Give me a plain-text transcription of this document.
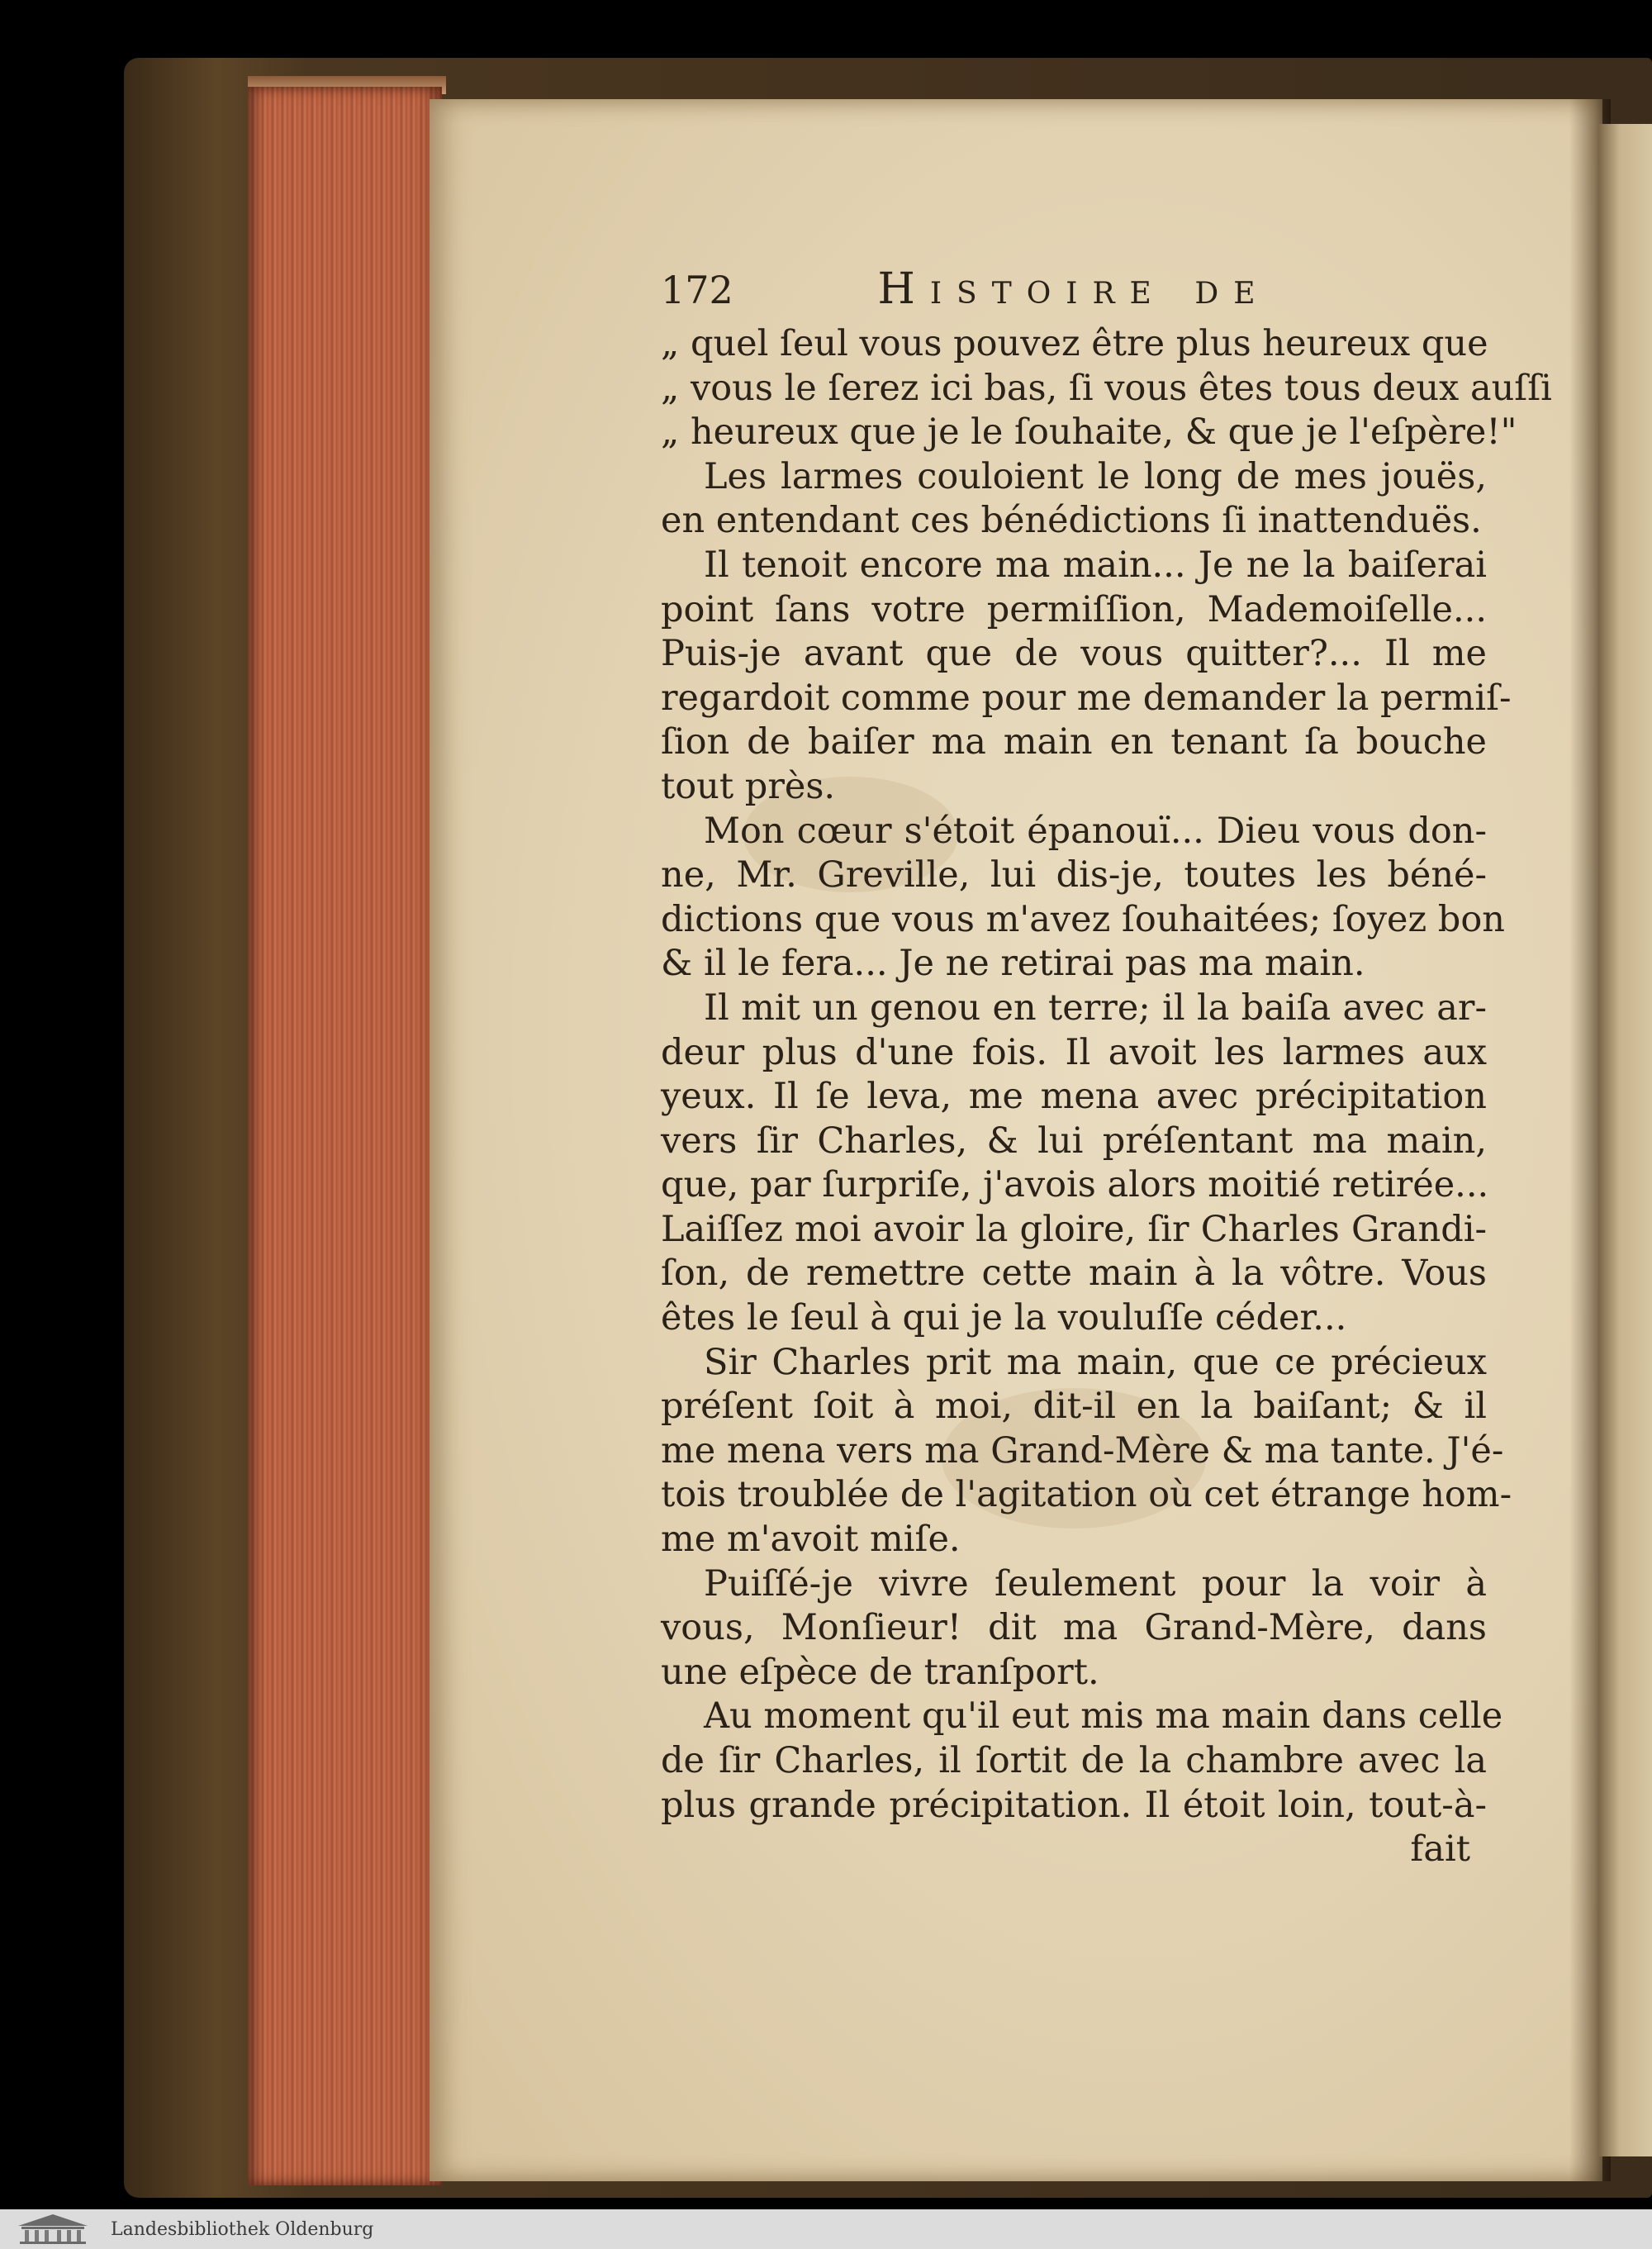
172	Histoire de
„ quel ſeul vous pouvez être plus heureux que
„ vous le ſerez ici bas, ſi vous êtes tous deux auſſi
„ heureux que je le ſouhaite, & que je l'eſpère!"
Les larmes couloient le long de mes jouës,
en entendant ces bénédictions ſi inattenduës.
Il tenoit encore ma main... Je ne la baiſerai
point ſans votre permiſſion, Mademoiſelle...
Puis-je avant que de vous quitter?... Il me
regardoit comme pour me demander la permiſ-
ſion de baiſer ma main en tenant ſa bouche
tout près.
Mon cœur s'étoit épanouï... Dieu vous don-
ne, Mr. Greville, lui dis-je, toutes les béné-
dictions que vous m'avez ſouhaitées; ſoyez bon
& il le fera... Je ne retirai pas ma main.
Il mit un genou en terre; il la baiſa avec ar-
deur plus d'une fois. Il avoit les larmes aux
yeux. Il ſe leva, me mena avec précipitation
vers ſir Charles, & lui préſentant ma main,
que, par ſurpriſe, j'avois alors moitié retirée...
Laiſſez moi avoir la gloire, ſir Charles Grandi-
ſon, de remettre cette main à la vôtre. Vous
êtes le ſeul à qui je la vouluſſe céder...
Sir Charles prit ma main, que ce précieux
préſent ſoit à moi, dit-il en la baiſant; & il
me mena vers ma Grand-Mère & ma tante. J'é-
tois troublée de l'agitation où cet étrange hom-
me m'avoit miſe.
Puiſſé-je vivre ſeulement pour la voir à
vous, Monſieur! dit ma Grand-Mère, dans
une eſpèce de tranſport.
Au moment qu'il eut mis ma main dans celle
de ſir Charles, il ſortit de la chambre avec la
plus grande précipitation. Il étoit loin, tout-à-
fait
Landesbibliothek Oldenburg
